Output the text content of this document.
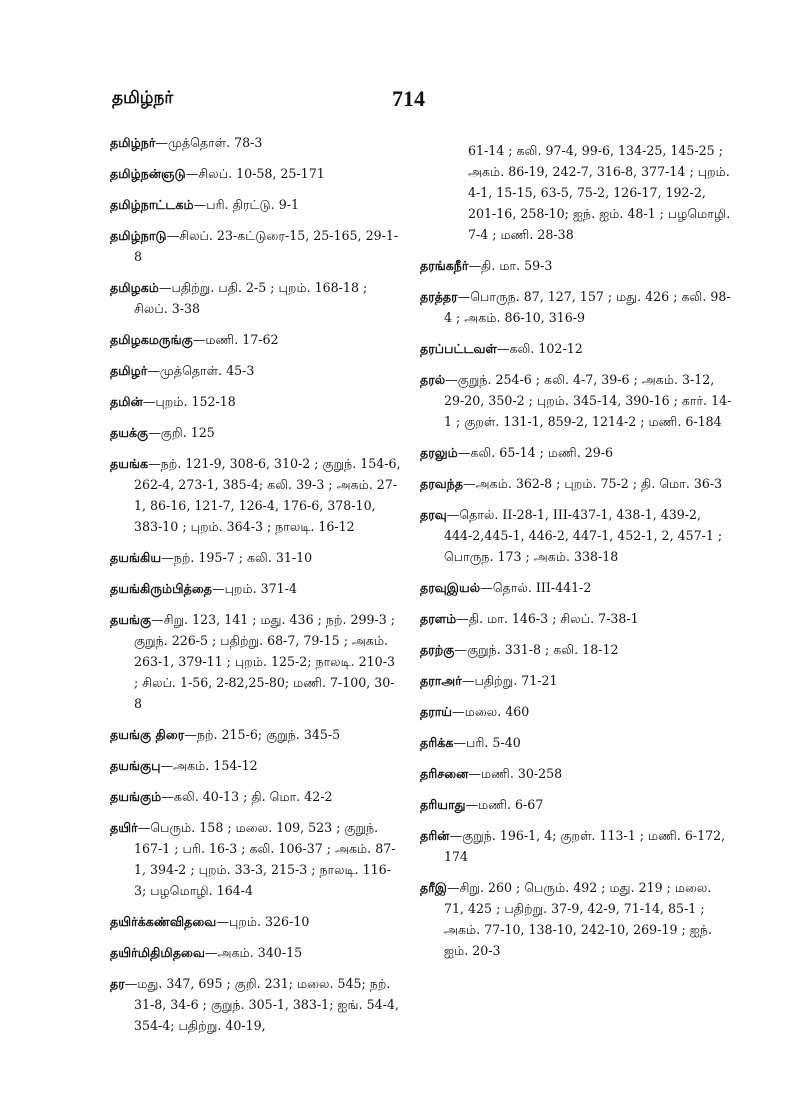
தமிழ்நர்	714

தமிழ்நர்—முத்தொள். 78-3

தமிழ்நன்ஞடு—சிலப். 10-58, 25-171

தமிழ்நாட்டகம்—பரி. திரட்டு. 9-1

தமிழ்நாடு—சிலப். 23-கட்டுரை-15, 25-165, 29-1-8

தமிழகம்—பதிற்று. பதி. 2-5 ; புறம். 168-18 ; சிலப். 3-38

தமிழகமருங்கு—மணி. 17-62

தமிழர்—முத்தொள். 45-3

தமின்—புறம். 152-18

தயக்கு—குறி. 125

தயங்க—நற். 121-9, 308-6, 310-2 ; குறுந். 154-6, 262-4, 273-1, 385-4; கலி. 39-3 ; அகம். 27-1, 86-16, 121-7, 126-4, 176-6, 378-10, 383-10 ; புறம். 364-3 ; நாலடி. 16-12

தயங்கிய—நற். 195-7 ; கலி. 31-10

தயங்கிரும்பித்தை—புறம். 371-4

தயங்கு—சிறு. 123, 141 ; மது. 436 ; நற். 299-3 ; குறுந். 226-5 ; பதிற்று. 68-7, 79-15 ; அகம். 263-1, 379-11 ; புறம். 125-2; நாலடி. 210-3 ; சிலப். 1-56, 2-82,25-80; மணி. 7-100, 30-8

தயங்கு திரை—நற். 215-6; குறுந். 345-5

தயங்குபு—அகம். 154-12

தயங்கும்—கலி. 40-13 ; தி. மொ. 42-2

தயிர்—பெரும். 158 ; மலை. 109, 523 ; குறுந். 167-1 ; பரி. 16-3 ; கலி. 106-37 ; அகம். 87-1, 394-2 ; புறம். 33-3, 215-3 ; நாலடி. 116-3; பழமொழி. 164-4

தயிர்க்கண்விதவை—புறம். 326-10

தயிர்மிதிமிதவை—அகம். 340-15

தர—மது. 347, 695 ; குறி. 231; மலை. 545; நற். 31-8, 34-6 ; குறுந். 305-1, 383-1; ஐங். 54-4, 354-4; பதிற்று. 40-19,

61-14 ; கலி. 97-4, 99-6, 134-25, 145-25 ; அகம். 86-19, 242-7, 316-8, 377-14 ; புறம். 4-1, 15-15, 63-5, 75-2, 126-17, 192-2, 201-16, 258-10; ஐந். ஐம். 48-1 ; பழமொழி. 7-4 ; மணி. 28-38

தரங்கநீர்—தி. மா. 59-3

தரத்தர—பொருந. 87, 127, 157 ; மது. 426 ; கலி. 98-4 ; அகம். 86-10, 316-9

தரப்பட்டவள்—கலி. 102-12

தரல்—குறுந். 254-6 ; கலி. 4-7, 39-6 ; அகம். 3-12, 29-20, 350-2 ; புறம். 345-14, 390-16 ; கார். 14-1 ; குறள். 131-1, 859-2, 1214-2 ; மணி. 6-184

தரலும்—கலி. 65-14 ; மணி. 29-6

தரவந்த—அகம். 362-8 ; புறம். 75-2 ; தி. மொ. 36-3

தரவு—தொல். II-28-1, III-437-1, 438-1, 439-2, 444-2,445-1, 446-2, 447-1, 452-1, 2, 457-1 ; பொருந. 173 ; அகம். 338-18

தரவுஇயல்—தொல். III-441-2

தரளம்—தி. மா. 146-3 ; சிலப். 7-38-1

தரற்கு—குறுந். 331-8 ; கலி. 18-12

தராஅர்—பதிற்று. 71-21

தராய்—மலை. 460

தரிக்க—பரி. 5-40

தரிசனை—மணி. 30-258

தரியாது—மணி. 6-67

தரின்—குறுந். 196-1, 4; குறள். 113-1 ; மணி. 6-172, 174

தரீஇ—சிறு. 260 ; பெரும். 492 ; மது. 219 ; மலை. 71, 425 ; பதிற்று. 37-9, 42-9, 71-14, 85-1 ; அகம். 77-10, 138-10, 242-10, 269-19 ; ஐந். ஐம். 20-3
